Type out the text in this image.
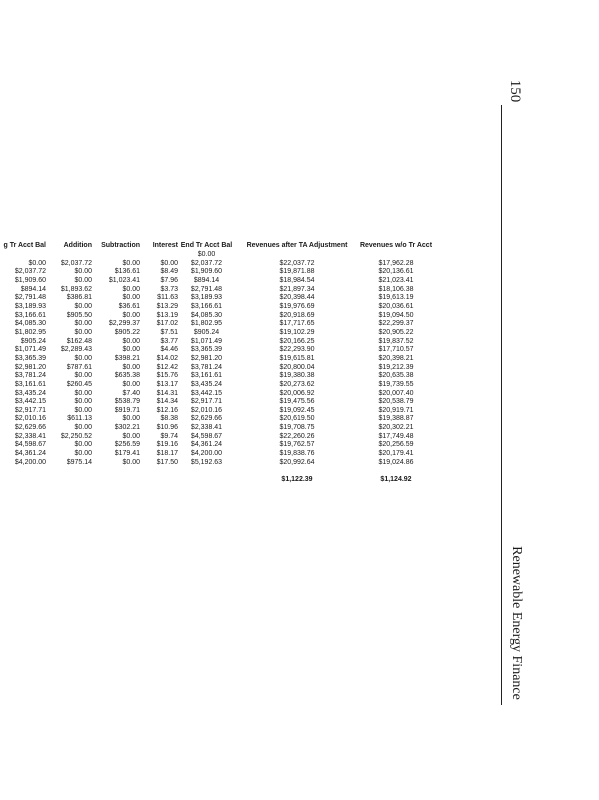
150
Renewable Energy Finance
g Tr Acct Bal	Addition	Subtraction	Interest	End Tr Acct Bal	Revenues after TA Adjustment	Revenues w/o Tr Acct
				$0.00		
$0.00	$2,037.72	$0.00	$0.00	$2,037.72	$22,037.72	$17,962.28
$2,037.72	$0.00	$136.61	$8.49	$1,909.60	$19,871.88	$20,136.61
$1,909.60	$0.00	$1,023.41	$7.96	$894.14	$18,984.54	$21,023.41
$894.14	$1,893.62	$0.00	$3.73	$2,791.48	$21,897.34	$18,106.38
$2,791.48	$386.81	$0.00	$11.63	$3,189.93	$20,398.44	$19,613.19
$3,189.93	$0.00	$36.61	$13.29	$3,166.61	$19,976.69	$20,036.61
$3,166.61	$905.50	$0.00	$13.19	$4,085.30	$20,918.69	$19,094.50
$4,085.30	$0.00	$2,299.37	$17.02	$1,802.95	$17,717.65	$22,299.37
$1,802.95	$0.00	$905.22	$7.51	$905.24	$19,102.29	$20,905.22
$905.24	$162.48	$0.00	$3.77	$1,071.49	$20,166.25	$19,837.52
$1,071.49	$2,289.43	$0.00	$4.46	$3,365.39	$22,293.90	$17,710.57
$3,365.39	$0.00	$398.21	$14.02	$2,981.20	$19,615.81	$20,398.21
$2,981.20	$787.61	$0.00	$12.42	$3,781.24	$20,800.04	$19,212.39
$3,781.24	$0.00	$635.38	$15.76	$3,161.61	$19,380.38	$20,635.38
$3,161.61	$260.45	$0.00	$13.17	$3,435.24	$20,273.62	$19,739.55
$3,435.24	$0.00	$7.40	$14.31	$3,442.15	$20,006.92	$20,007.40
$3,442.15	$0.00	$538.79	$14.34	$2,917.71	$19,475.56	$20,538.79
$2,917.71	$0.00	$919.71	$12.16	$2,010.16	$19,092.45	$20,919.71
$2,010.16	$611.13	$0.00	$8.38	$2,629.66	$20,619.50	$19,388.87
$2,629.66	$0.00	$302.21	$10.96	$2,338.41	$19,708.75	$20,302.21
$2,338.41	$2,250.52	$0.00	$9.74	$4,598.67	$22,260.26	$17,749.48
$4,598.67	$0.00	$256.59	$19.16	$4,361.24	$19,762.57	$20,256.59
$4,361.24	$0.00	$179.41	$18.17	$4,200.00	$19,838.76	$20,179.41
$4,200.00	$975.14	$0.00	$17.50	$5,192.63	$20,992.64	$19,024.86
					$1,122.39	$1,124.92
